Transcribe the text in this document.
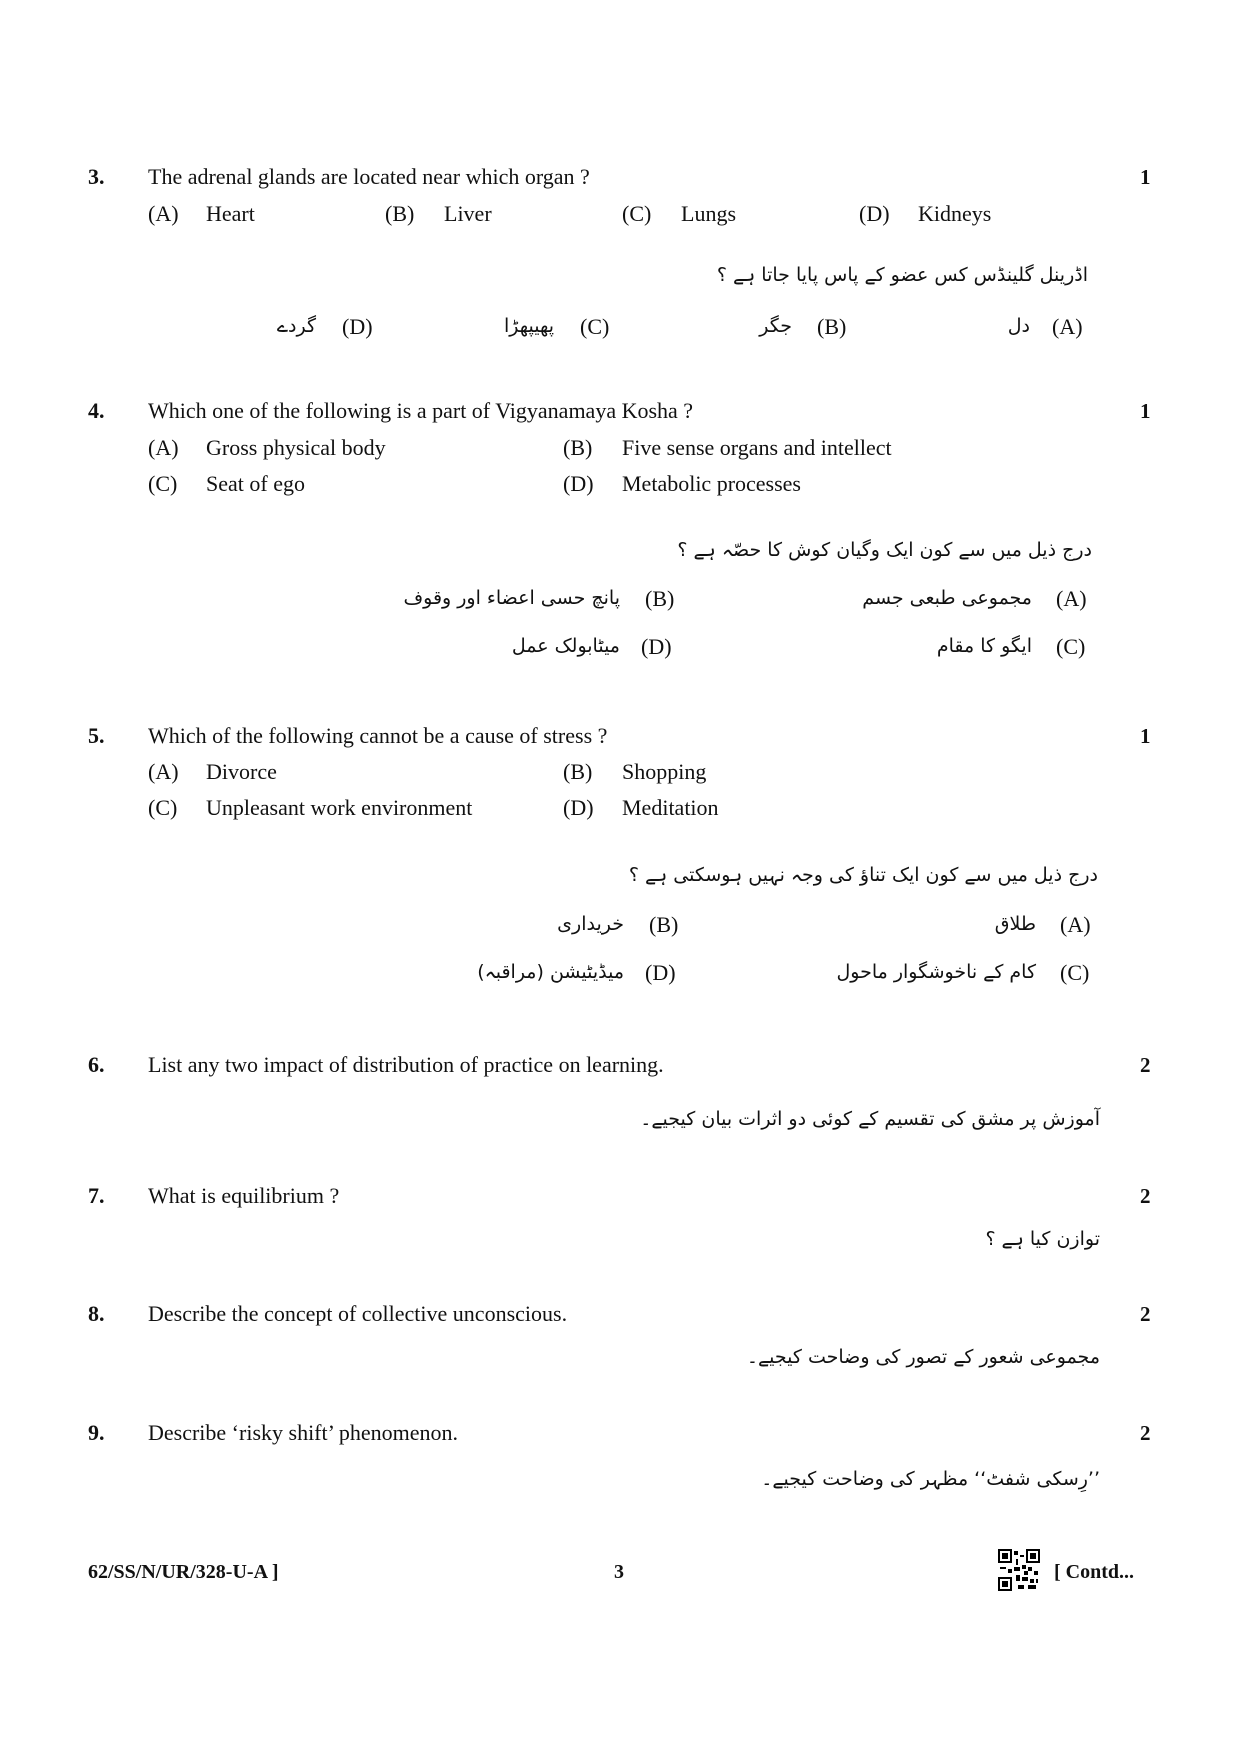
3. The adrenal glands are located near which organ ?	1
(A) Heart	(B) Liver	(C) Lungs	(D) Kidneys
اڈرینل گلینڈس کس عضو کے پاس پایا جاتا ہے ؟
(A)
دل
(B)
جگر
(C)
پھیپھڑا
(D)
گردے
4. Which one of the following is a part of Vigyanamaya Kosha ?	1
(A) Gross physical body	(B) Five sense organs and intellect
(C) Seat of ego	(D) Metabolic processes
درج ذیل میں سے کون ایک وگیان کوش کا حصّہ ہے ؟
(A)
مجموعی طبعی جسم
(B)
پانچ حسی اعضاء اور وقوف
(C)
ایگو کا مقام
(D)
میٹابولک عمل
5. Which of the following cannot be a cause of stress ?	1
(A) Divorce	(B) Shopping
(C) Unpleasant work environment	(D) Meditation
درج ذیل میں سے کون ایک تناؤ کی وجہ نہیں ہوسکتی ہے ؟
(A)
طلاق
(B)
خریداری
(C)
کام کے ناخوشگوار ماحول
(D)
میڈیٹیشن (مراقبہ)
6. List any two impact of distribution of practice on learning.	2
آموزش پر مشق کی تقسیم کے کوئی دو اثرات بیان کیجیے۔
7. What is equilibrium ?	2
توازن کیا ہے ؟
8. Describe the concept of collective unconscious.	2
مجموعی شعور کے تصور کی وضاحت کیجیے۔
9. Describe ‘risky shift’ phenomenon.	2
’’رِسکی شفٹ‘‘ مظہر کی وضاحت کیجیے۔
62/SS/N/UR/328-U-A ]	3	[ Contd...
